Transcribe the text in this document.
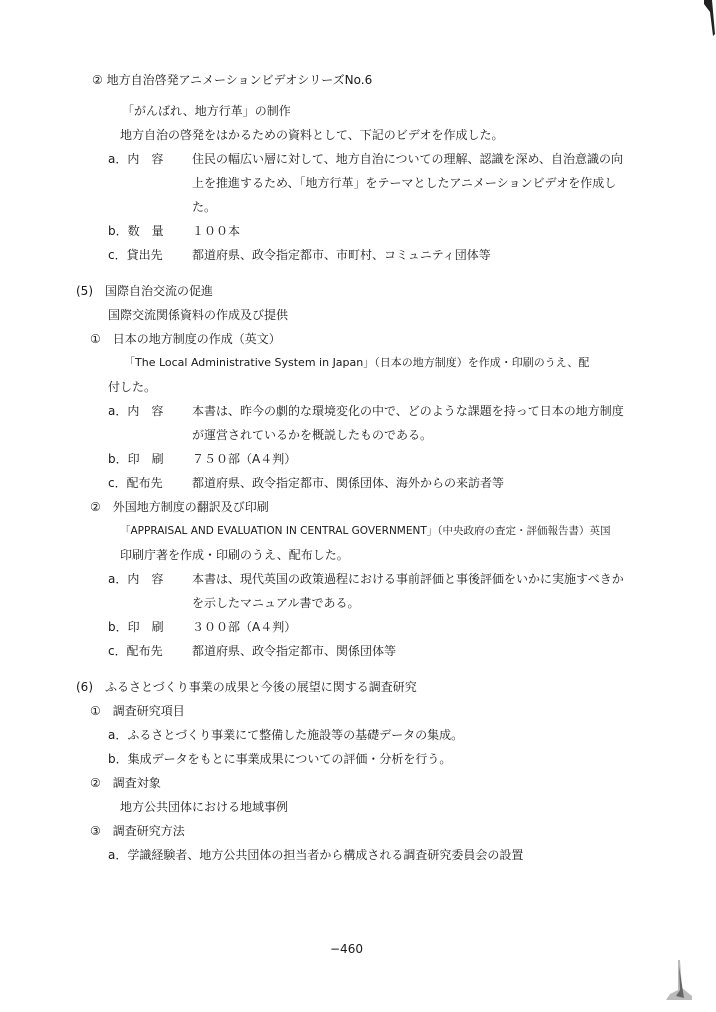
② 地方自治啓発アニメーションビデオシリーズNo.6
「がんばれ、地方行革」の制作
地方自治の啓発をはかるための資料として、下記のビデオを作成した。
a．内　容 住民の幅広い層に対して、地方自治についての理解、認識を深め、自治意識の向
上を推進するため、「地方行革」をテーマとしたアニメーションビデオを作成し
た。
b．数　量 １００本
c．貸出先 都道府県、政令指定都市、市町村、コミュニティ団体等
(5)　国際自治交流の促進
国際交流関係資料の作成及び提供
①　日本の地方制度の作成（英文）
「The Local Administrative System in Japan」（日本の地方制度）を作成・印刷のうえ、配
付した。
a．内　容 本書は、昨今の劇的な環境変化の中で、どのような課題を持って日本の地方制度
が運営されているかを概説したものである。
b．印　刷 ７５０部（A４判）
c．配布先 都道府県、政令指定都市、関係団体、海外からの来訪者等
②　外国地方制度の翻訳及び印刷
「APPRAISAL AND EVALUATION IN CENTRAL GOVERNMENT」（中央政府の査定・評価報告書）英国
印刷庁著を作成・印刷のうえ、配布した。
a．内　容 本書は、現代英国の政策過程における事前評価と事後評価をいかに実施すべきか
を示したマニュアル書である。
b．印　刷 ３００部（A４判）
c．配布先 都道府県、政令指定都市、関係団体等
(6)　ふるさとづくり事業の成果と今後の展望に関する調査研究
①　調査研究項目
a．ふるさとづくり事業にて整備した施設等の基礎データの集成。
b．集成データをもとに事業成果についての評価・分析を行う。
②　調査対象
地方公共団体における地域事例
③　調査研究方法
a．学識経験者、地方公共団体の担当者から構成される調査研究委員会の設置
−460
